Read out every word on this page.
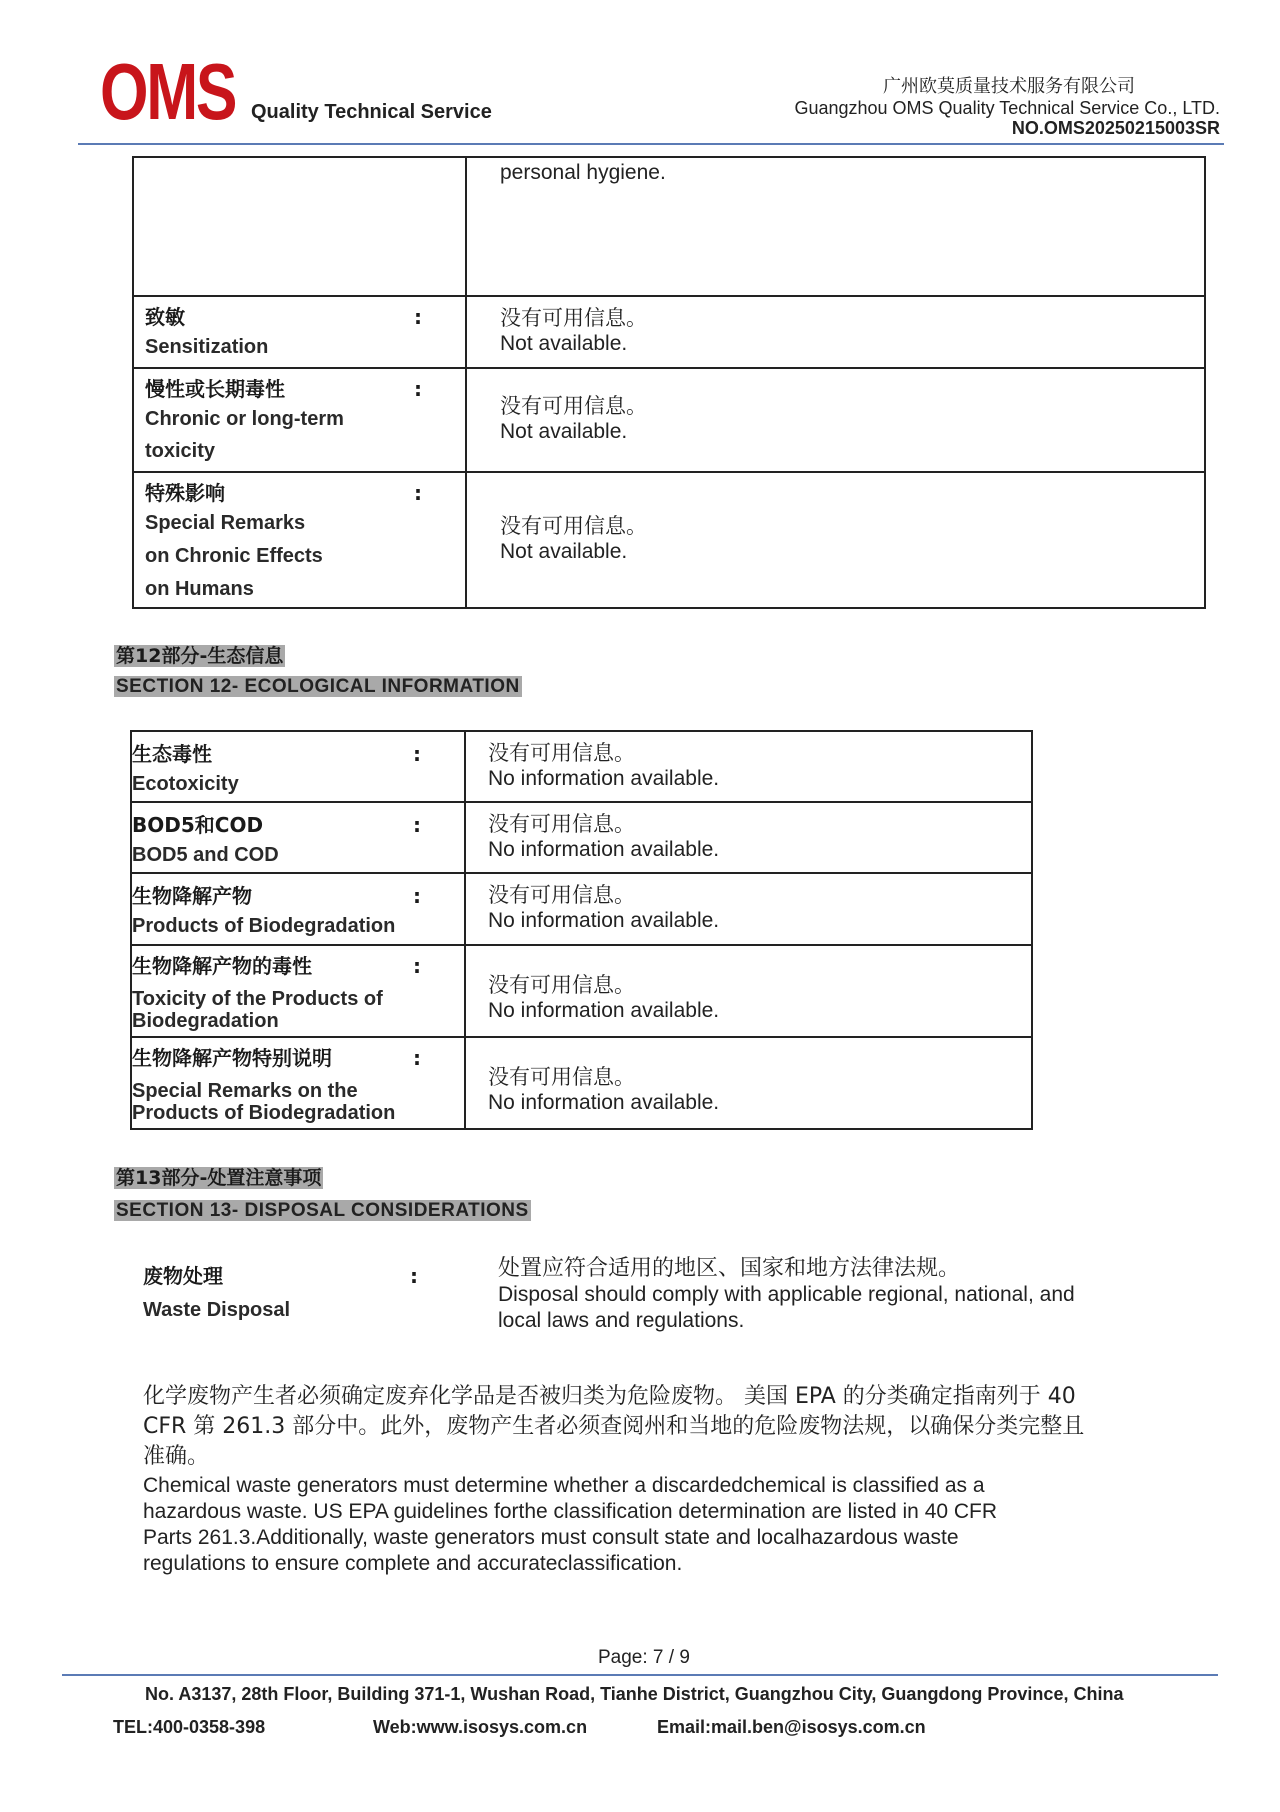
OMS Quality Technical Service
广州欧莫质量技术服务有限公司
Guangzhou OMS Quality Technical Service Co., LTD.
NO.OMS20250215003SR

	personal hygiene.

致敏 :
Sensitization	没有可用信息。
Not available.

慢性或长期毒性 :
Chronic or long-term
toxicity	没有可用信息。
Not available.

特殊影响 :
Special Remarks
on Chronic Effects
on Humans	没有可用信息。
Not available.
第12部分-生态信息
SECTION 12- ECOLOGICAL INFORMATION
生态毒性 :
Ecotoxicity	没有可用信息。
No information available.

BOD5和COD :
BOD5 and COD	没有可用信息。
No information available.

生物降解产物 :
Products of Biodegradation	没有可用信息。
No information available.

生物降解产物的毒性 :
Toxicity of the Products of
Biodegradation	没有可用信息。
No information available.

生物降解产物特别说明 :
Special Remarks on the
Products of Biodegradation	没有可用信息。
No information available.
第13部分-处置注意事项
SECTION 13- DISPOSAL CONSIDERATIONS
废物处理
Waste Disposal
:	处置应符合适用的地区、国家和地方法律法规。
Disposal should comply with applicable regional, national, and
local laws and regulations.
化学废物产生者必须确定废弃化学品是否被归类为危险废物。 美国 EPA 的分类确定指南列于 40
CFR 第 261.3 部分中。此外，废物产生者必须查阅州和当地的危险废物法规，以确保分类完整且
准确。
Chemical waste generators must determine whether a discardedchemical is classified as a
hazardous waste. US EPA guidelines forthe classification determination are listed in 40 CFR
Parts 261.3.Additionally, waste generators must consult state and localhazardous waste
regulations to ensure complete and accurateclassification.
Page: 7 / 9
No. A3137, 28th Floor, Building 371-1, Wushan Road, Tianhe District, Guangzhou City, Guangdong Province, China
TEL:400-0358-398	Web:www.isosys.com.cn	Email:mail.ben@isosys.com.cn
